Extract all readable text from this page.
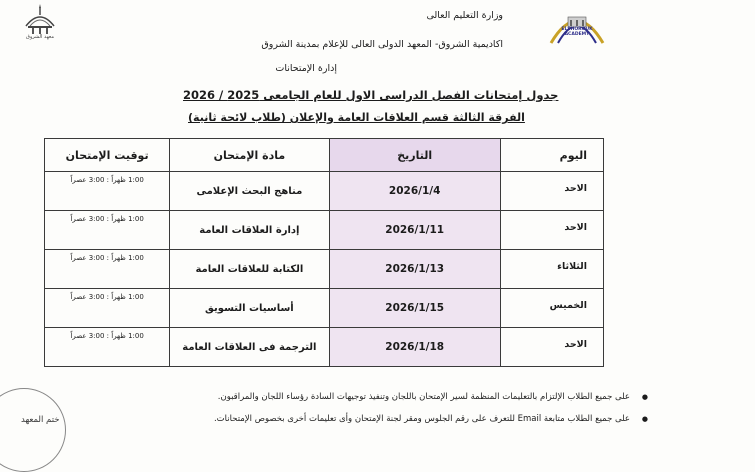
معهد الشروق
وزارة التعليم العالى
اكاديمية الشروق- المعهد الدولى العالى للإعلام بمدينة الشروق
إدارة الإمتحانات
ELSHOROUK ACADEMY
جدول إمتحانات الفصل الدراسى الاول للعام الجامعى 2025 / 2026
الفرقة الثالثة قسم العلاقات العامة والإعلان (طلاب لائحة ثانية)
اليوم	التاريخ	مادة الإمتحان	توقيت الإمتحان
الاحد	2026/1/4	مناهج البحث الإعلامى	1:00 ظهراً : 3:00 عصراً
الاحد	2026/1/11	إدارة العلاقات العامة	1:00 ظهراً : 3:00 عصراً
الثلاثاء	2026/1/13	الكتابة للعلاقات العامة	1:00 ظهراً : 3:00 عصراً
الخميس	2026/1/15	أساسيات التسويق	1:00 ظهراً : 3:00 عصراً
الاحد	2026/1/18	الترجمة فى العلاقات العامة	1:00 ظهراً : 3:00 عصراً
على جميع الطلاب الإلتزام بالتعليمات المنظمة لسير الإمتحان باللجان وتنفيذ توجيهات السادة رؤساء اللجان والمراقبون. ●
على جميع الطلاب متابعة Email للتعرف على رقم الجلوس ومقر لجنة الإمتحان وأى تعليمات أخرى بخصوص الإمتحانات. ●
ختم المعهد
